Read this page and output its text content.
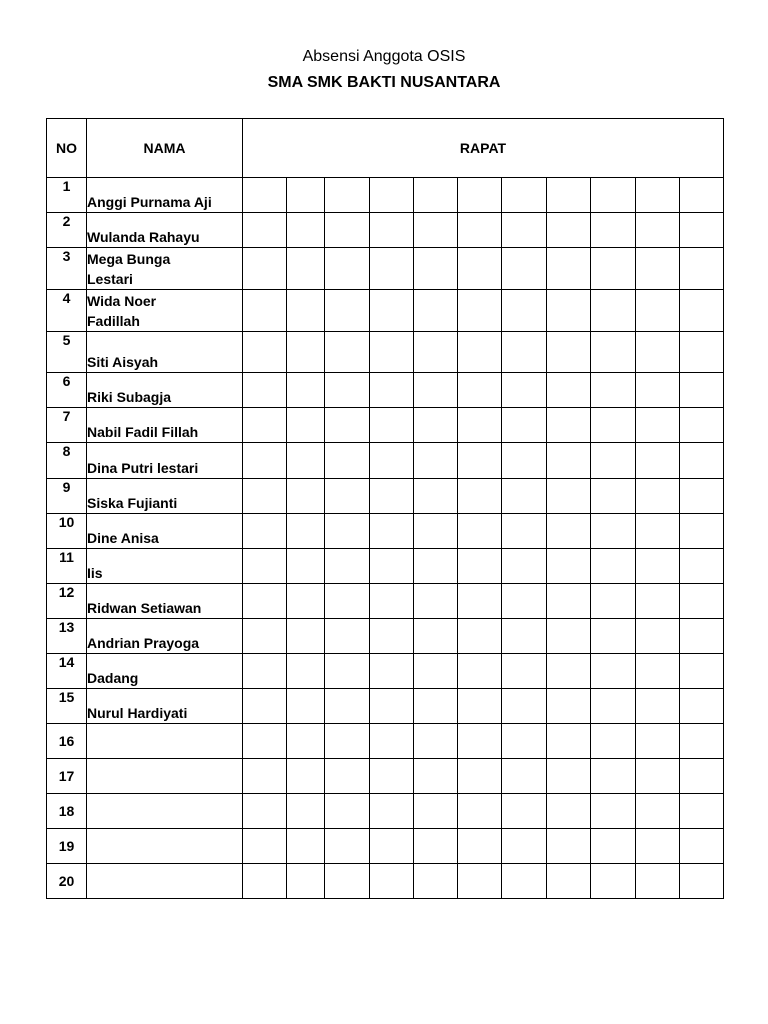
Absensi Anggota OSIS
SMA SMK BAKTI NUSANTARA
NO	NAMA	RAPAT										
1	Anggi Purnama Aji											

2	Wulanda Rahayu											

3	Mega Bunga
Lestari											

4	Wida Noer
Fadillah											

5	Siti Aisyah											

6	Riki Subagja											

7	Nabil Fadil Fillah											

8	Dina Putri lestari											

9	Siska Fujianti											

10	Dine Anisa											

11	Iis											

12	Ridwan Setiawan											

13	Andrian Prayoga											

14	Dadang											

15	Nurul Hardiyati											

16												
17												
18												
19												
20												
